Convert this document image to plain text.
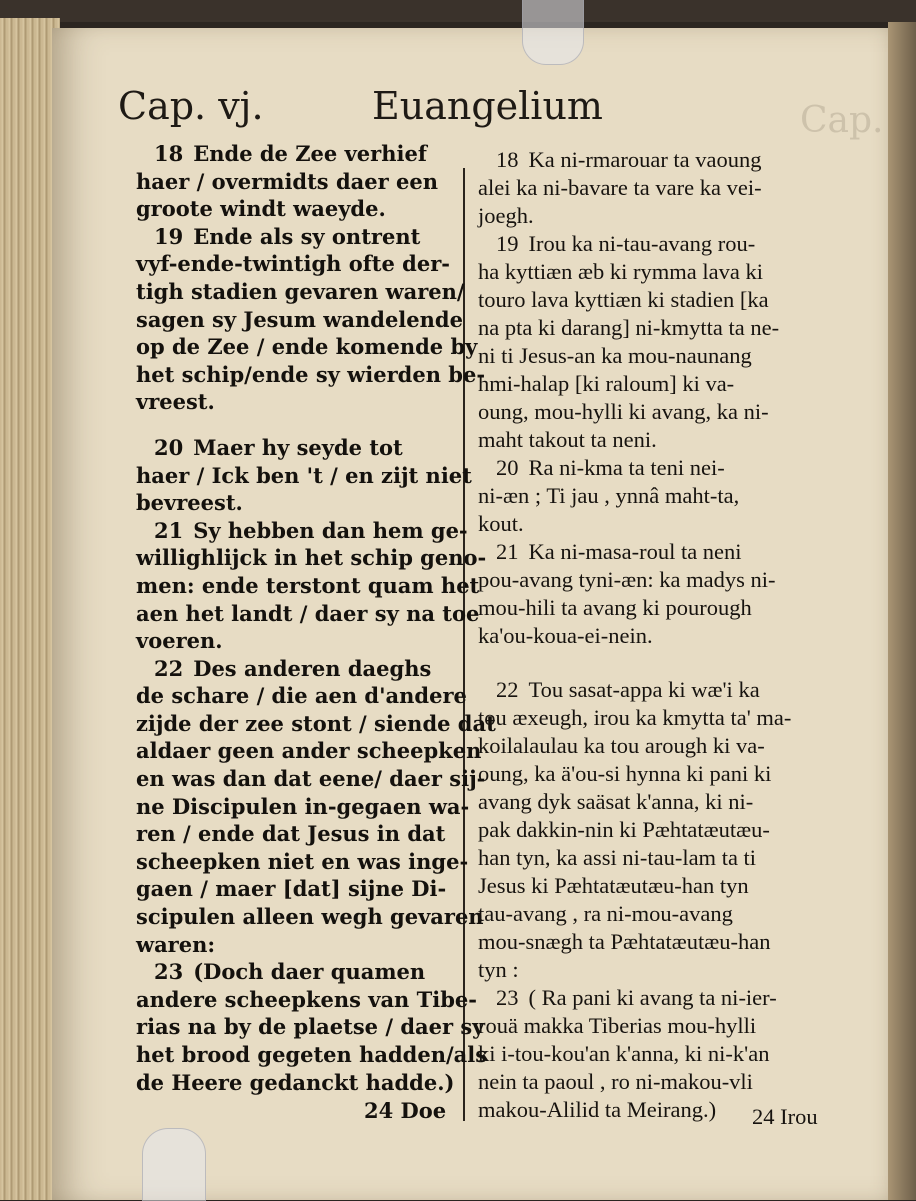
Cap.
Cap. vj.	Euangelium
18 Ende de Zee verhief
haer / overmidts daer een
groote windt waeyde.
19 Ende als sy ontrent
vyf-ende-twintigh ofte der-
tigh stadien gevaren waren/
sagen sy Jesum wandelende
op de Zee / ende komende by
het schip/ende sy wierden be-
vreest.
20 Maer hy seyde tot
haer / Ick ben 't / en zijt niet
bevreest.
21 Sy hebben dan hem ge-
willighlijck in het schip geno-
men: ende terstont quam het
aen het landt / daer sy na toe
voeren.
22 Des anderen daeghs
de schare / die aen d'andere
zijde der zee stont / siende dat
aldaer geen ander scheepken
en was dan dat eene/ daer sij-
ne Discipulen in-gegaen wa-
ren / ende dat Jesus in dat
scheepken niet en was inge-
gaen / maer [dat] sijne Di-
scipulen alleen wegh gevaren
waren:
23 (Doch daer quamen
andere scheepkens van Tibe-
rias na by de plaetse / daer sy
het brood gegeten hadden/als
de Heere gedanckt hadde.)
18 Ka ni-rmarouar ta vaoung
alei ka ni-bavare ta vare ka vei-
joegh.
19 Irou ka ni-tau-avang rou-
ha kyttiæn æb ki rymma lava ki
touro lava kyttiæn ki stadien [ka
na pta ki darang] ni-kmytta ta ne-
ni ti Jesus-an ka mou-naunang
hmi-halap [ki raloum] ki va-
oung, mou-hylli ki avang, ka ni-
maht takout ta neni.
20 Ra ni-kma ta teni nei-
ni-æn ; Ti jau , ynnâ maht-ta,
kout.
21 Ka ni-masa-roul ta neni
pou-avang tyni-æn: ka madys ni-
mou-hili ta avang ki pourough
ka'ou-koua-ei-nein.
22 Tou sasat-appa ki wæ'i ka
tou æxeugh, irou ka kmytta ta' ma-
koilalaulau ka tou arough ki va-
oung, ka ä'ou-si hynna ki pani ki
avang dyk saäsat k'anna, ki ni-
pak dakkin-nin ki Pæhtatæutæu-
han tyn, ka assi ni-tau-lam ta ti
Jesus ki Pæhtatæutæu-han tyn
tau-avang , ra ni-mou-avang
mou-snægh ta Pæhtatæutæu-han
tyn :
23 ( Ra pani ki avang ta ni-ier-
rouä makka Tiberias mou-hylli
ki i-tou-kou'an k'anna, ki ni-k'an
nein ta paoul , ro ni-makou-vli
makou-Alilid ta Meirang.)
24 Doe	24 Irou
